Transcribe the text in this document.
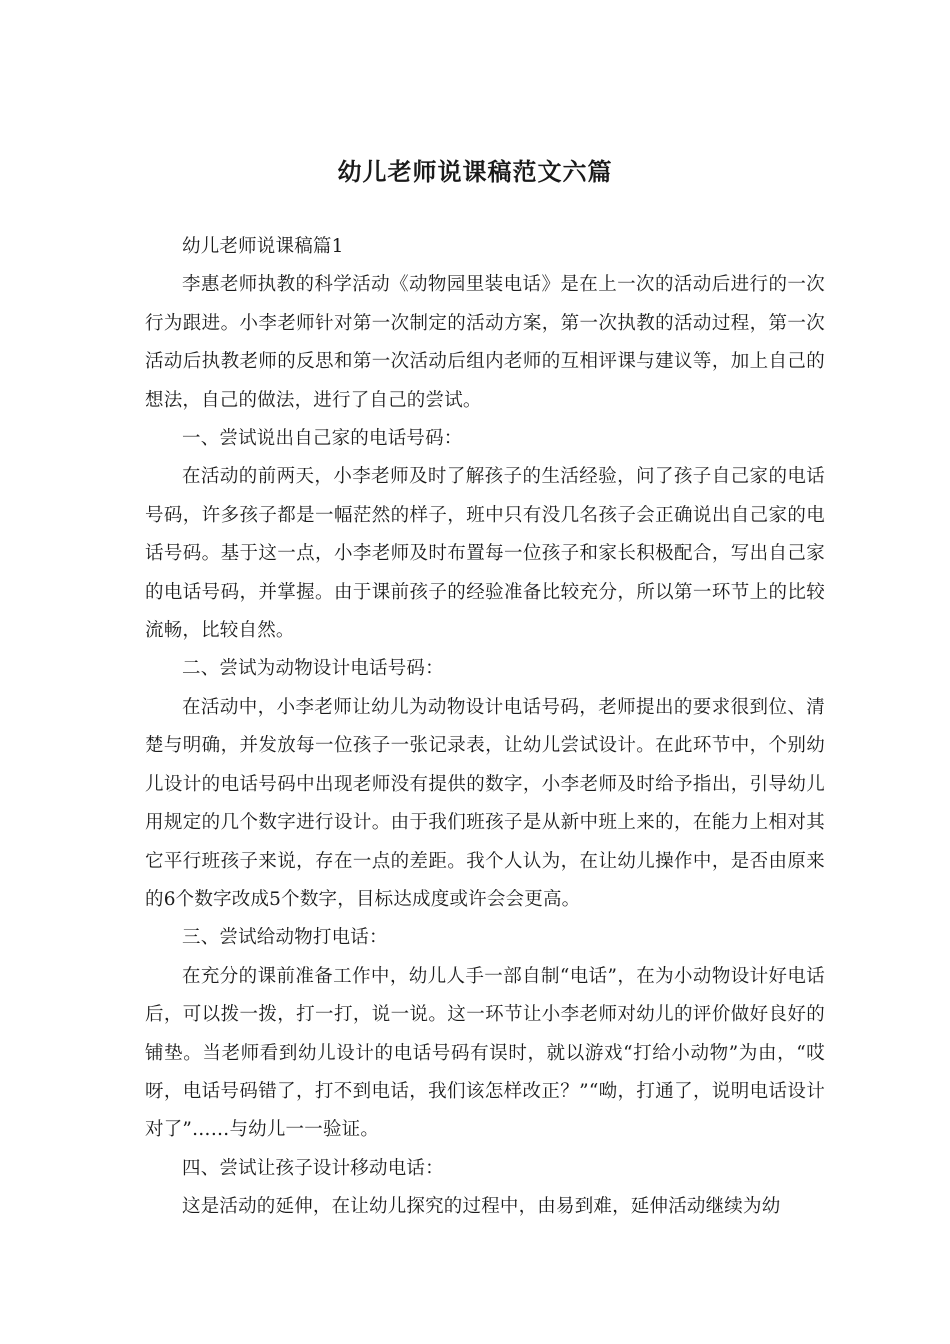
幼儿老师说课稿范文六篇

幼儿老师说课稿篇1

李惠老师执教的科学活动《动物园里装电话》是在上一次的活动后进行的一次行为跟进。小李老师针对第一次制定的活动方案，第一次执教的活动过程，第一次活动后执教老师的反思和第一次活动后组内老师的互相评课与建议等，加上自己的想法，自己的做法，进行了自己的尝试。

一、尝试说出自己家的电话号码：

在活动的前两天，小李老师及时了解孩子的生活经验，问了孩子自己家的电话号码，许多孩子都是一幅茫然的样子，班中只有没几名孩子会正确说出自己家的电话号码。基于这一点，小李老师及时布置每一位孩子和家长积极配合，写出自己家的电话号码，并掌握。由于课前孩子的经验准备比较充分，所以第一环节上的比较流畅，比较自然。

二、尝试为动物设计电话号码：

在活动中，小李老师让幼儿为动物设计电话号码，老师提出的要求很到位、清楚与明确，并发放每一位孩子一张记录表，让幼儿尝试设计。在此环节中，个别幼儿设计的电话号码中出现老师没有提供的数字，小李老师及时给予指出，引导幼儿用规定的几个数字进行设计。由于我们班孩子是从新中班上来的，在能力上相对其它平行班孩子来说，存在一点的差距。我个人认为，在让幼儿操作中，是否由原来的6个数字改成5个数字，目标达成度或许会会更高。

三、尝试给动物打电话：

在充分的课前准备工作中，幼儿人手一部自制“电话”，在为小动物设计好电话后，可以拨一拨，打一打，说一说。这一环节让小李老师对幼儿的评价做好良好的铺垫。当老师看到幼儿设计的电话号码有误时，就以游戏“打给小动物”为由，“哎呀，电话号码错了，打不到电话，我们该怎样改正？”“呦，打通了，说明电话设计对了”……与幼儿一一验证。

四、尝试让孩子设计移动电话：

这是活动的延伸，在让幼儿探究的过程中，由易到难，延伸活动继续为幼
